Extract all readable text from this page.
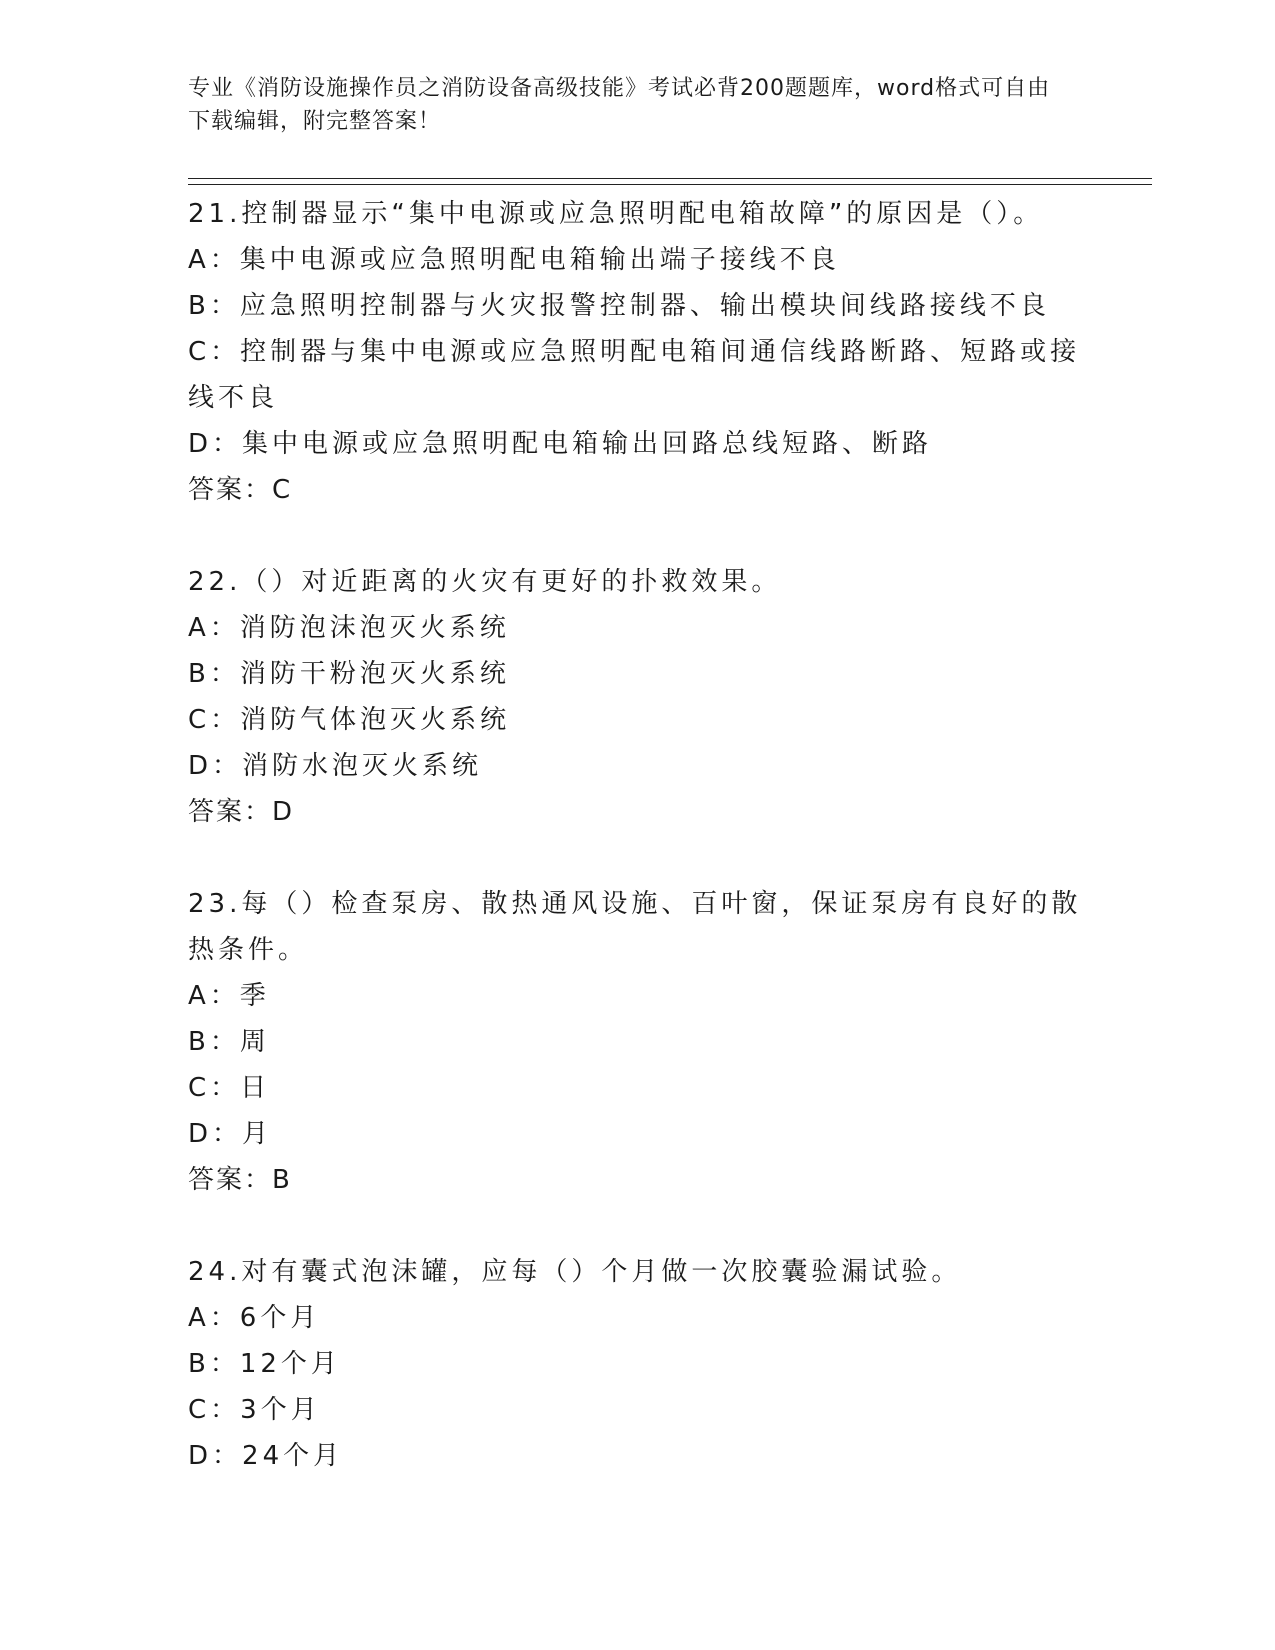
专业《消防设施操作员之消防设备高级技能》考试必背200题题库，word格式可自由下载编辑，附完整答案！
21.控制器显示“集中电源或应急照明配电箱故障”的原因是（）。
A：集中电源或应急照明配电箱输出端子接线不良
B：应急照明控制器与火灾报警控制器、输出模块间线路接线不良
C：控制器与集中电源或应急照明配电箱间通信线路断路、短路或接线不良
D：集中电源或应急照明配电箱输出回路总线短路、断路
答案：C
22.（）对近距离的火灾有更好的扑救效果。
A：消防泡沫泡灭火系统
B：消防干粉泡灭火系统
C：消防气体泡灭火系统
D：消防水泡灭火系统
答案：D
23.每（）检查泵房、散热通风设施、百叶窗，保证泵房有良好的散热条件。
A：季
B：周
C：日
D：月
答案：B
24.对有囊式泡沫罐，应每（）个月做一次胶囊验漏试验。
A：6个月
B：12个月
C：3个月
D：24个月
